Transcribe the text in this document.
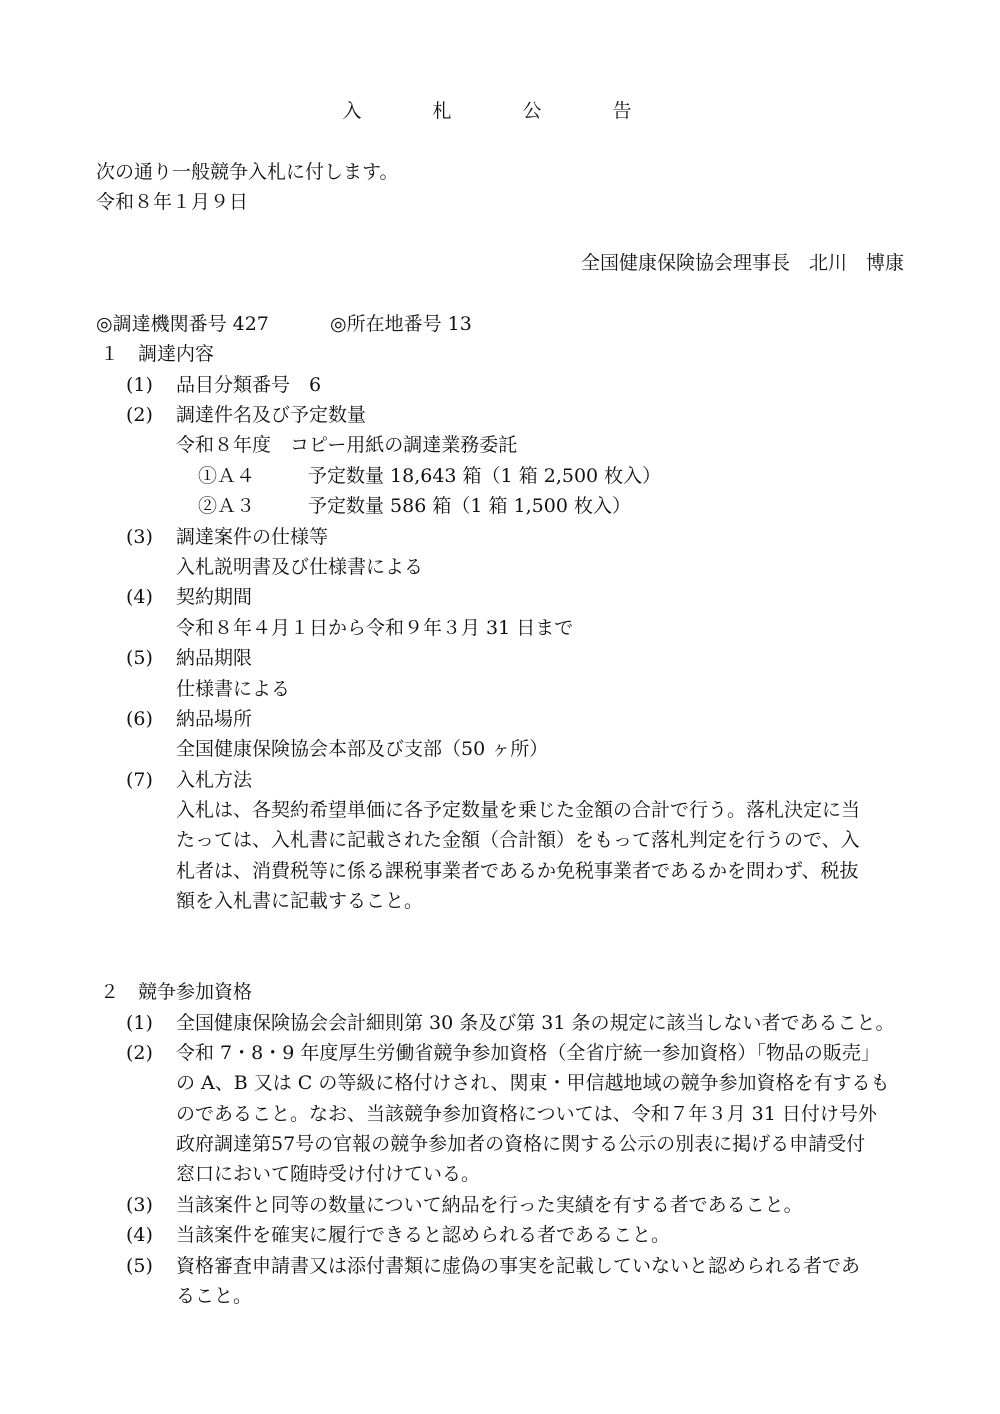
入　札　公　告
次の通り一般競争入札に付します。
令和８年１月９日
全国健康保険協会理事長　北川　博康
◎調達機関番号 427	◎所在地番号 13
１　調達内容
(1) 品目分類番号　6
(2) 調達件名及び予定数量
令和８年度　コピー用紙の調達業務委託
①Ａ４	予定数量 18,643 箱（1 箱 2,500 枚入）
②Ａ３	予定数量 586 箱（1 箱 1,500 枚入）
(3) 調達案件の仕様等
入札説明書及び仕様書による
(4) 契約期間
令和８年４月１日から令和９年３月 31 日まで
(5) 納品期限
仕様書による
(6) 納品場所
全国健康保険協会本部及び支部（50 ヶ所）
(7) 入札方法
入札は、各契約希望単価に各予定数量を乗じた金額の合計で行う。落札決定に当
たっては、入札書に記載された金額（合計額）をもって落札判定を行うので、入
札者は、消費税等に係る課税事業者であるか免税事業者であるかを問わず、税抜
額を入札書に記載すること。
２　競争参加資格
(1) 全国健康保険協会会計細則第 30 条及び第 31 条の規定に該当しない者であること。
(2) 令和 7・8・9 年度厚生労働省競争参加資格（全省庁統一参加資格）「物品の販売」
の A、B 又は C の等級に格付けされ、関東・甲信越地域の競争参加資格を有するも
のであること。なお、当該競争参加資格については、令和７年３月 31 日付け号外
政府調達第57号の官報の競争参加者の資格に関する公示の別表に掲げる申請受付
窓口において随時受け付けている。
(3) 当該案件と同等の数量について納品を行った実績を有する者であること。
(4) 当該案件を確実に履行できると認められる者であること。
(5) 資格審査申請書又は添付書類に虚偽の事実を記載していないと認められる者であ
ること。
